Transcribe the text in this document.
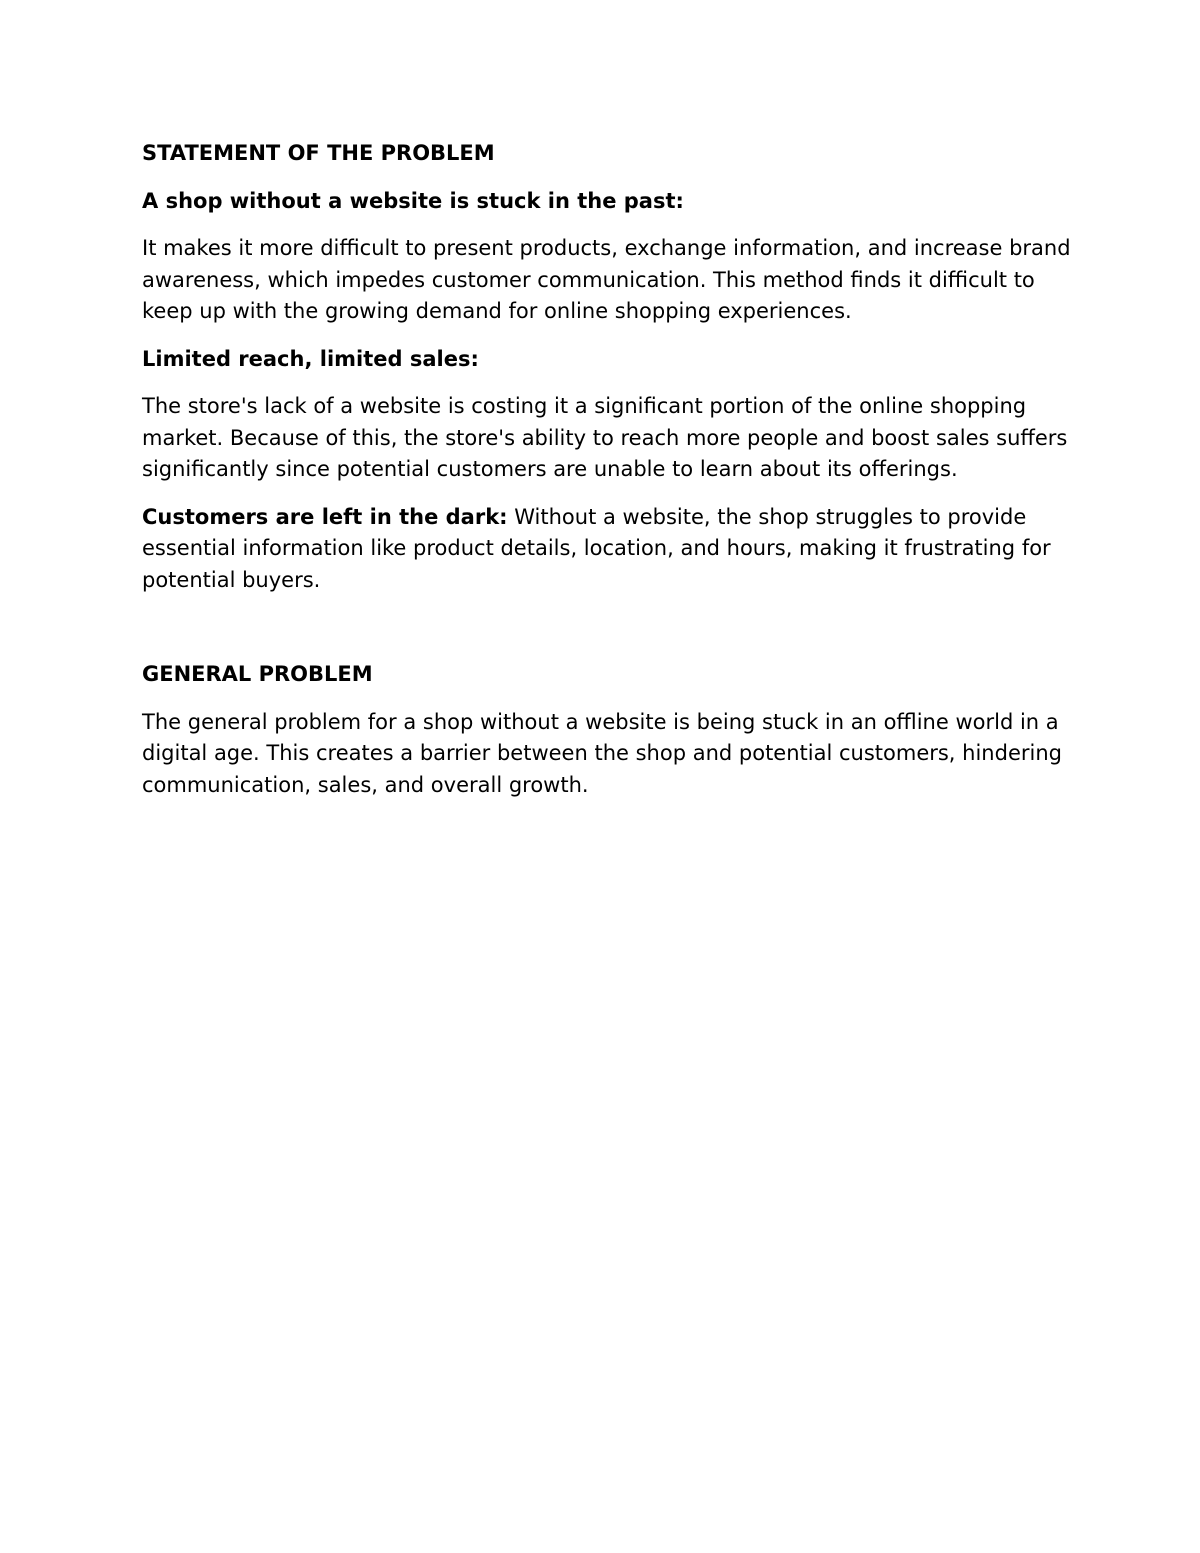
STATEMENT OF THE PROBLEM

A shop without a website is stuck in the past:

It makes it more difficult to present products, exchange information, and increase brand awareness, which impedes customer communication. This method finds it difficult to keep up with the growing demand for online shopping experiences.

Limited reach, limited sales:

The store's lack of a website is costing it a significant portion of the online shopping market. Because of this, the store's ability to reach more people and boost sales suffers significantly since potential customers are unable to learn about its offerings.

Customers are left in the dark: Without a website, the shop struggles to provide essential information like product details, location, and hours, making it frustrating for potential buyers.

GENERAL PROBLEM

The general problem for a shop without a website is being stuck in an offline world in a digital age. This creates a barrier between the shop and potential customers, hindering communication, sales, and overall growth.
